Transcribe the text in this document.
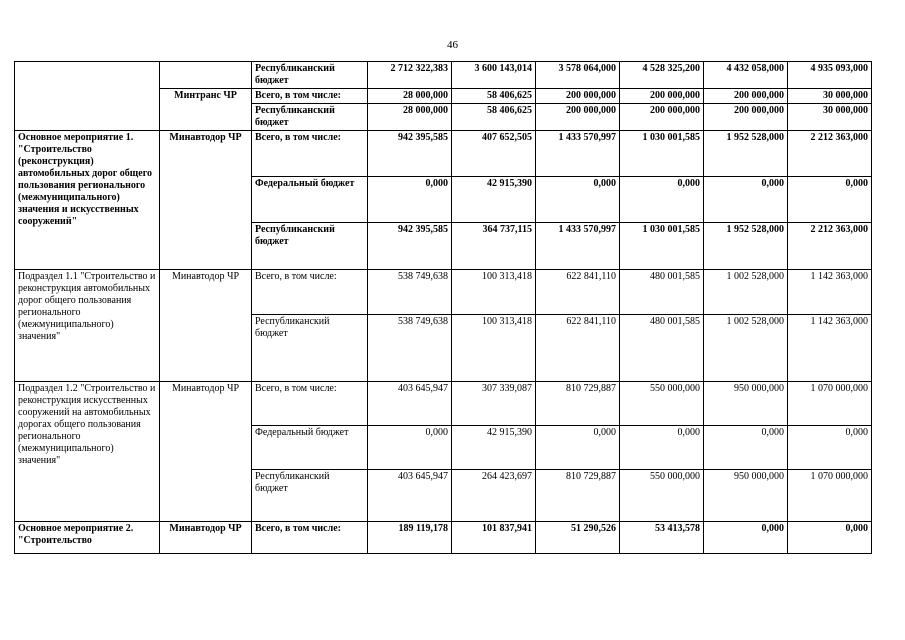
46
		Республиканский бюджет	2 712 322,383	3 600 143,014	3 578 064,000	4 528 325,200	4 432 058,000	4 935 093,000
	Минтранс ЧР	Всего, в том числе:	28 000,000	58 406,625	200 000,000	200 000,000	200 000,000	30 000,000
		Республиканский бюджет	28 000,000	58 406,625	200 000,000	200 000,000	200 000,000	30 000,000
Основное мероприятие 1. "Строительство (реконструкция) автомобильных дорог общего пользования регионального (межмуниципального) значения и искусственных сооружений"	Минавтодор ЧР	Всего, в том числе:	942 395,585	407 652,505	1 433 570,997	1 030 001,585	1 952 528,000	2 212 363,000
		Федеральный бюджет	0,000	42 915,390	0,000	0,000	0,000	0,000
		Республиканский бюджет	942 395,585	364 737,115	1 433 570,997	1 030 001,585	1 952 528,000	2 212 363,000
Подраздел 1.1 "Строительство и реконструкция автомобильных дорог общего пользования регионального (межмуниципального) значения"	Минавтодор ЧР	Всего, в том числе:	538 749,638	100 313,418	622 841,110	480 001,585	1 002 528,000	1 142 363,000
		Республиканский бюджет	538 749,638	100 313,418	622 841,110	480 001,585	1 002 528,000	1 142 363,000
Подраздел 1.2 "Строительство и реконструкция искусственных сооружений на автомобильных дорогах общего пользования регионального (межмуниципального) значения"	Минавтодор ЧР	Всего, в том числе:	403 645,947	307 339,087	810 729,887	550 000,000	950 000,000	1 070 000,000
		Федеральный бюджет	0,000	42 915,390	0,000	0,000	0,000	0,000
		Республиканский бюджет	403 645,947	264 423,697	810 729,887	550 000,000	950 000,000	1 070 000,000
Основное мероприятие 2. "Строительство	Минавтодор ЧР	Всего, в том числе:	189 119,178	101 837,941	51 290,526	53 413,578	0,000	0,000
